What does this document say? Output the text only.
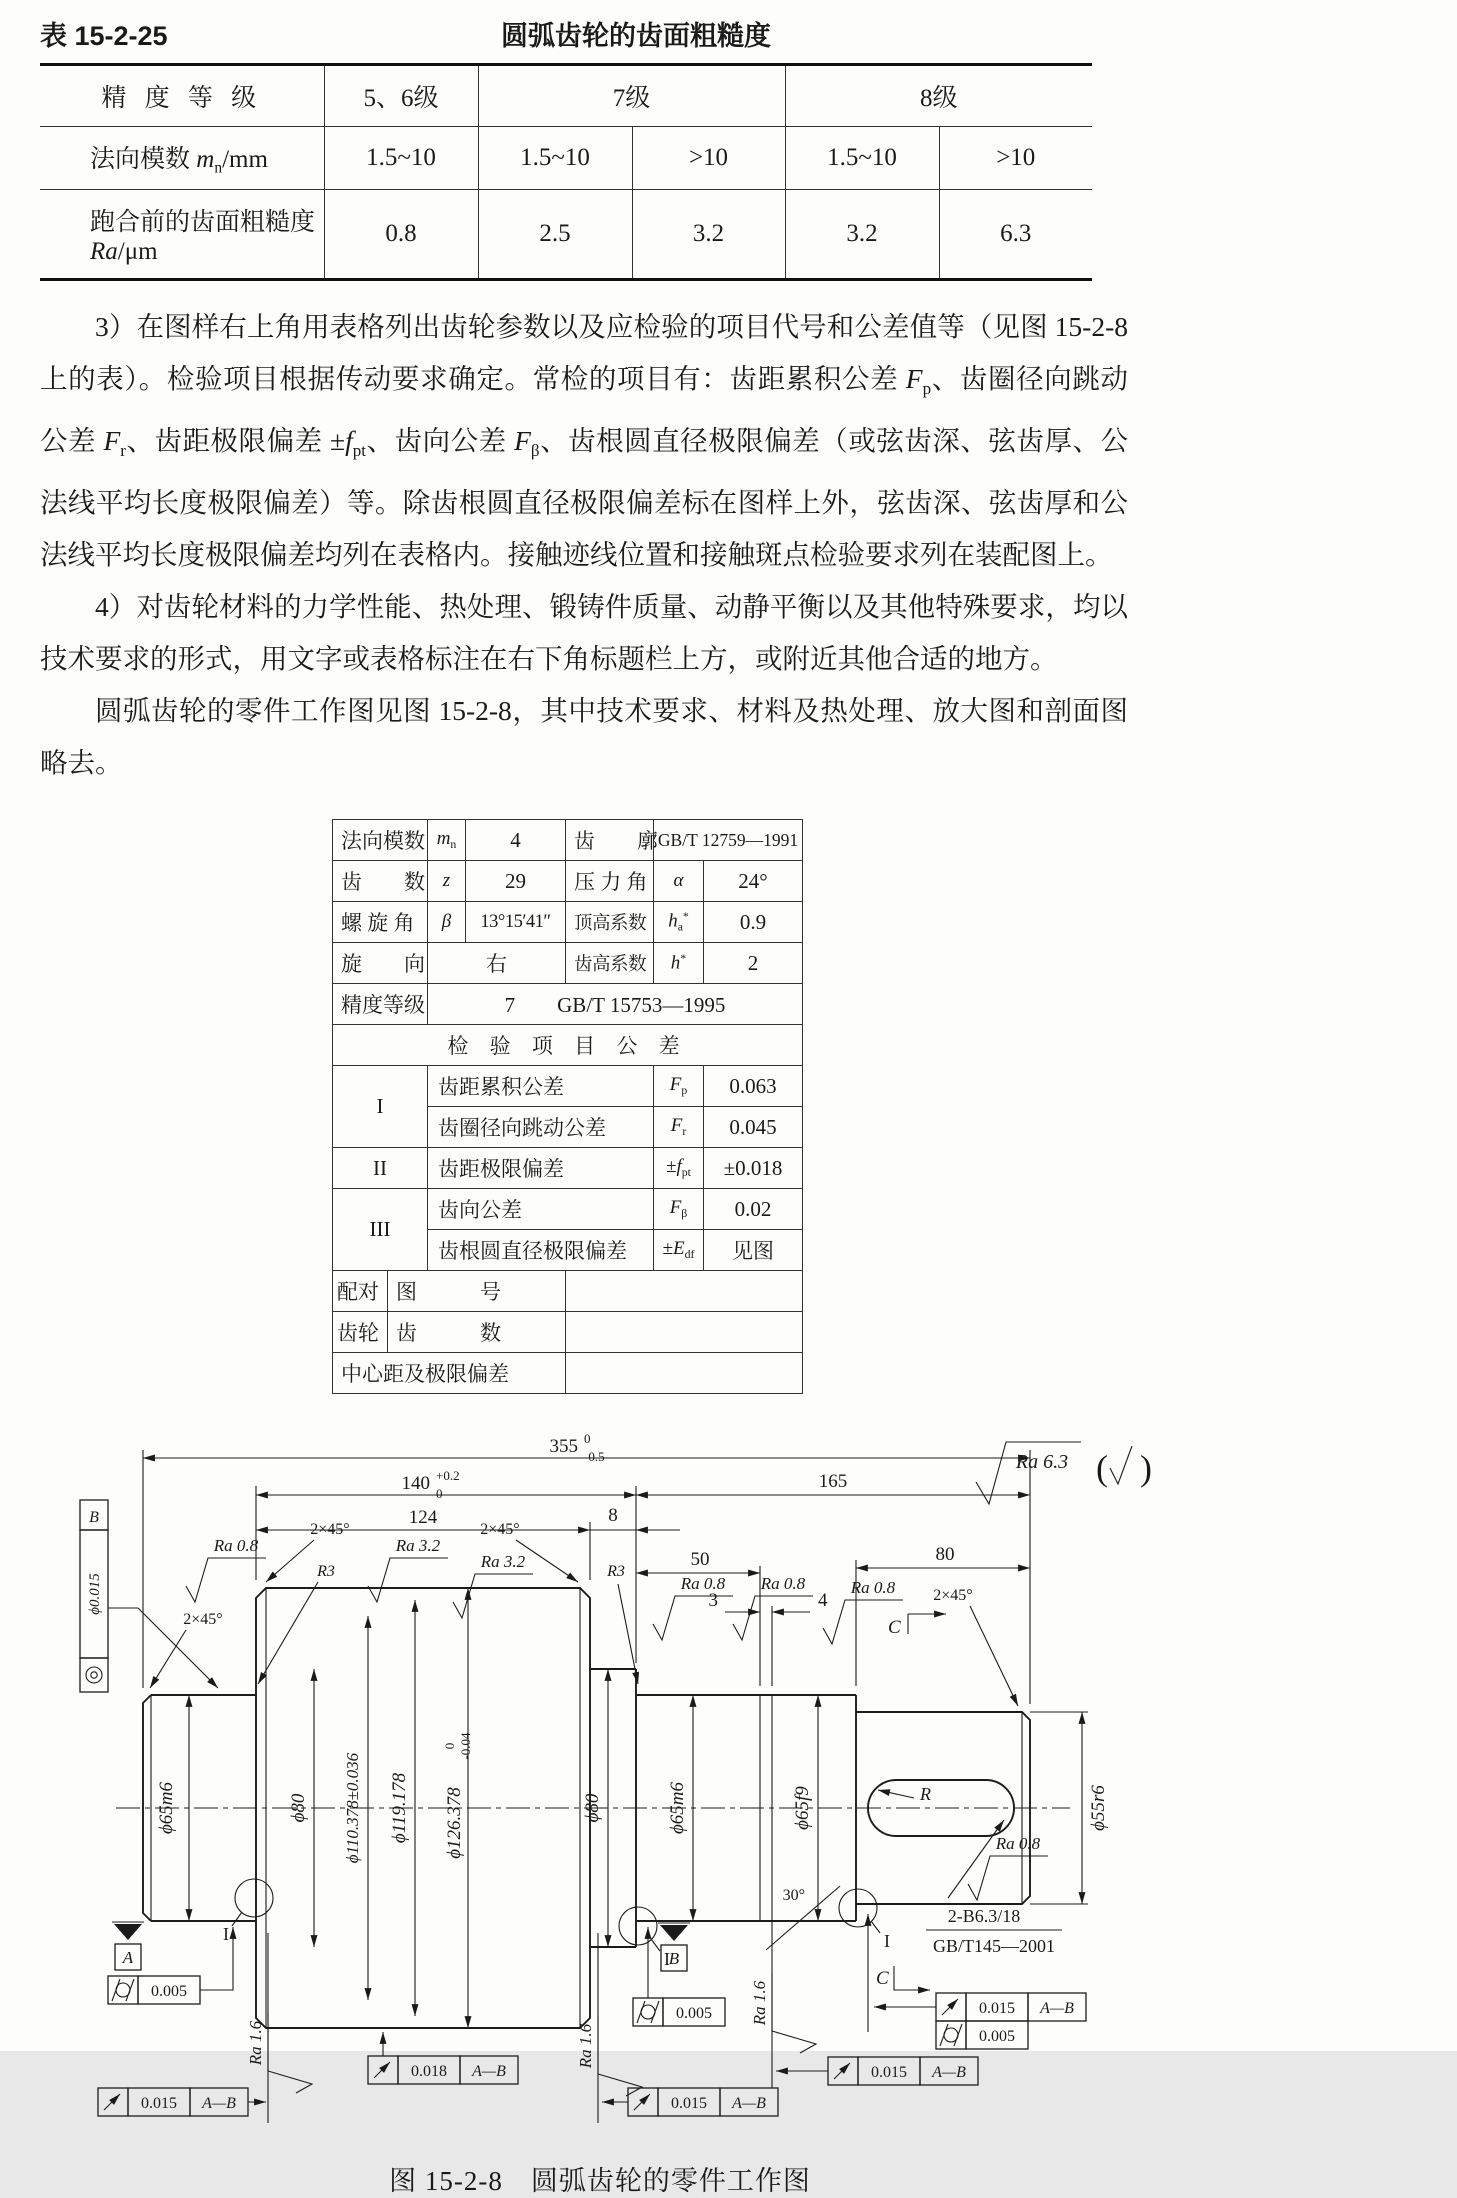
表 15-2-25	圆弧齿轮的齿面粗糙度
精 度 等 级	5、6级	7级		8级	
法向模数 $m_n/mm$	1.5~10	1.5~10	>10	1.5~10	>10
跑合前的齿面粗糙度 Ra/μm	0.8	2.5	3.2	3.2	6.3

3）在图样右上角用表格列出齿轮参数以及应检验的项目代号和公差值等（见图 15-2-8 上的表）。检验项目根据传动要求确定。常检的项目有：齿距累积公差 $F_p$、齿圈径向跳动公差 $F_r$、齿距极限偏差 $\pm f_{pt}$、齿向公差 $F_\beta$、齿根圆直径极限偏差（或弦齿深、弦齿厚、公法线平均长度极限偏差）等。除齿根圆直径极限偏差标在图样上外，弦齿深、弦齿厚和公法线平均长度极限偏差均列在表格内。接触迹线位置和接触斑点检验要求列在装配图上。

4）对齿轮材料的力学性能、热处理、锻铸件质量、动静平衡以及其他特殊要求，均以技术要求的形式，用文字或表格标注在右下角标题栏上方，或附近其他合适的地方。

圆弧齿轮的零件工作图见图 15-2-8，其中技术要求、材料及热处理、放大图和剖面图略去。

法向模数		$m_n$	4	齿　　廓	GB/T 12759—1991	
齿　　数		z	29	压 力 角	α	24°
螺 旋 角		β	13°15′41″	顶高系数	$h_a^*$	0.9
旋　　向		右		齿高系数	h*	2
精度等级		7　　GB/T 15753—1995				
检 验 项 目 公 差						
I		齿距累积公差			$F_p$	0.063
		齿圈径向跳动公差			$F_r$	0.045
II		齿距极限偏差			$\pm f_{pt}$	±0.018
III		齿向公差			$F_\beta$	0.02
		齿根圆直径极限偏差			$\pm E_{df}$	见图
配对	图　　　号					
齿轮	齿　　　数					
中心距及极限偏差						
355 0
-0.5
140 +0.2
0
165
124	8
50	80
3	4
ϕ65m6	ϕ80 ϕ110.378±0.036 ϕ119.178 ϕ126.378
0 -0.04
ϕ80	ϕ65m6	ϕ65f9	ϕ55r6
2×45°
2×45°	2×45°
2×45°
R3	R3
R
30°
Ra 0.8	Ra 3.2
Ra 3.2
Ra 0.8 Ra 0.8	Ra 0.8
Ra 0.8
Ra 1.6	Ra 1.6
Ra 1.6
Ra 6.3 ( )
A	B
I
I
I
C
C
B
ϕ0.015
0.005
0.005
0.015 A—B
0.018 A—B
0.015 A—B
0.015 A—B
0.015 A—B
0.005
2-B6.3/18
GB/T145—2001
图 15-2-8　圆弧齿轮的零件工作图
